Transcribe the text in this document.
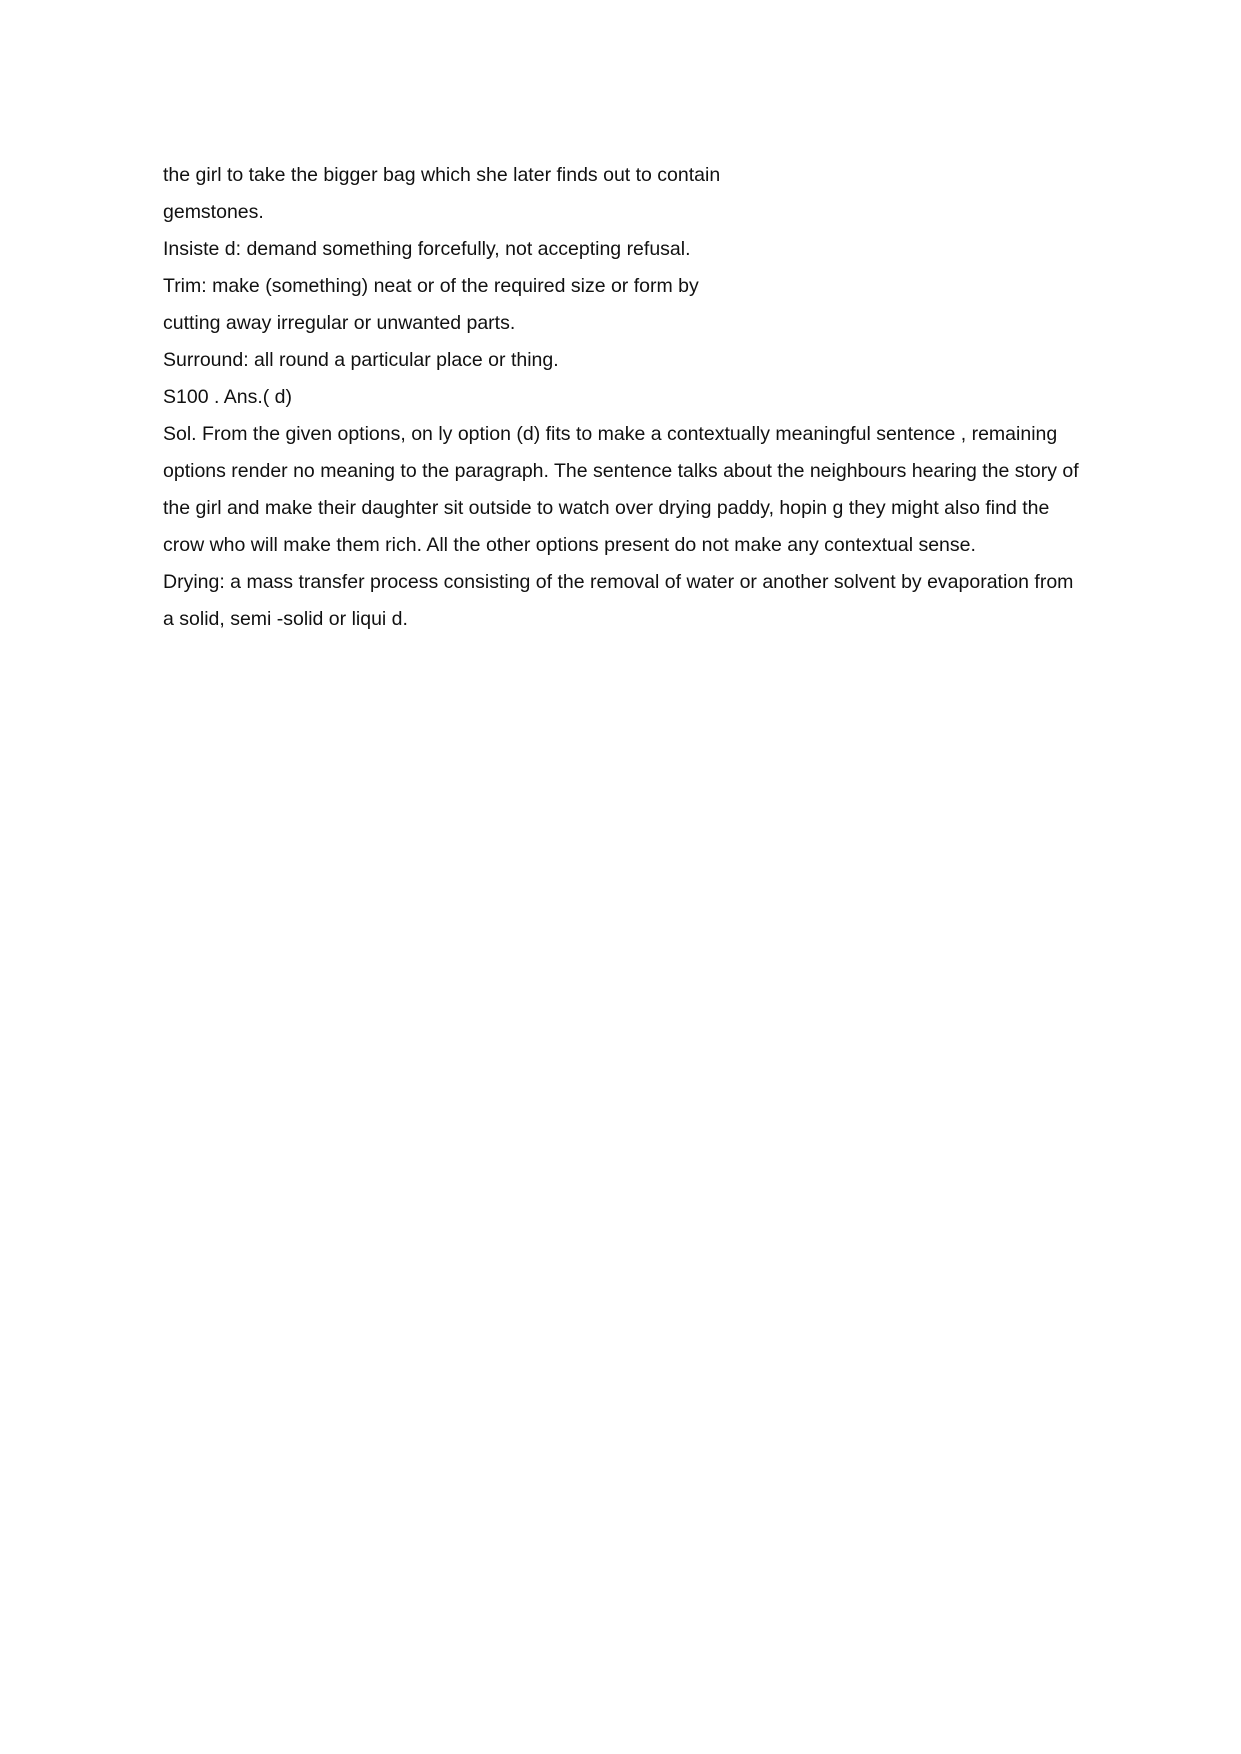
the girl to take the bigger bag which she later finds out to contain

gemstones.

Insiste d: demand something forcefully, not accepting refusal.

Trim: make (something) neat or of the required size or form by

cutting away irregular or unwanted parts.

Surround: all round a particular place or thing.

S100 . Ans.( d)

Sol. From the given options, on ly option (d) fits to make a contextually meaningful sentence , remaining

options render no meaning to the paragraph. The sentence talks about the neighbours hearing the story of

the girl and make their daughter sit outside to watch over drying paddy, hopin g they might also find the

crow who will make them rich. All the other options present do not make any contextual sense.

Drying: a mass transfer process consisting of the removal of water or another solvent by evaporation from

a solid, semi -solid or liqui d.
